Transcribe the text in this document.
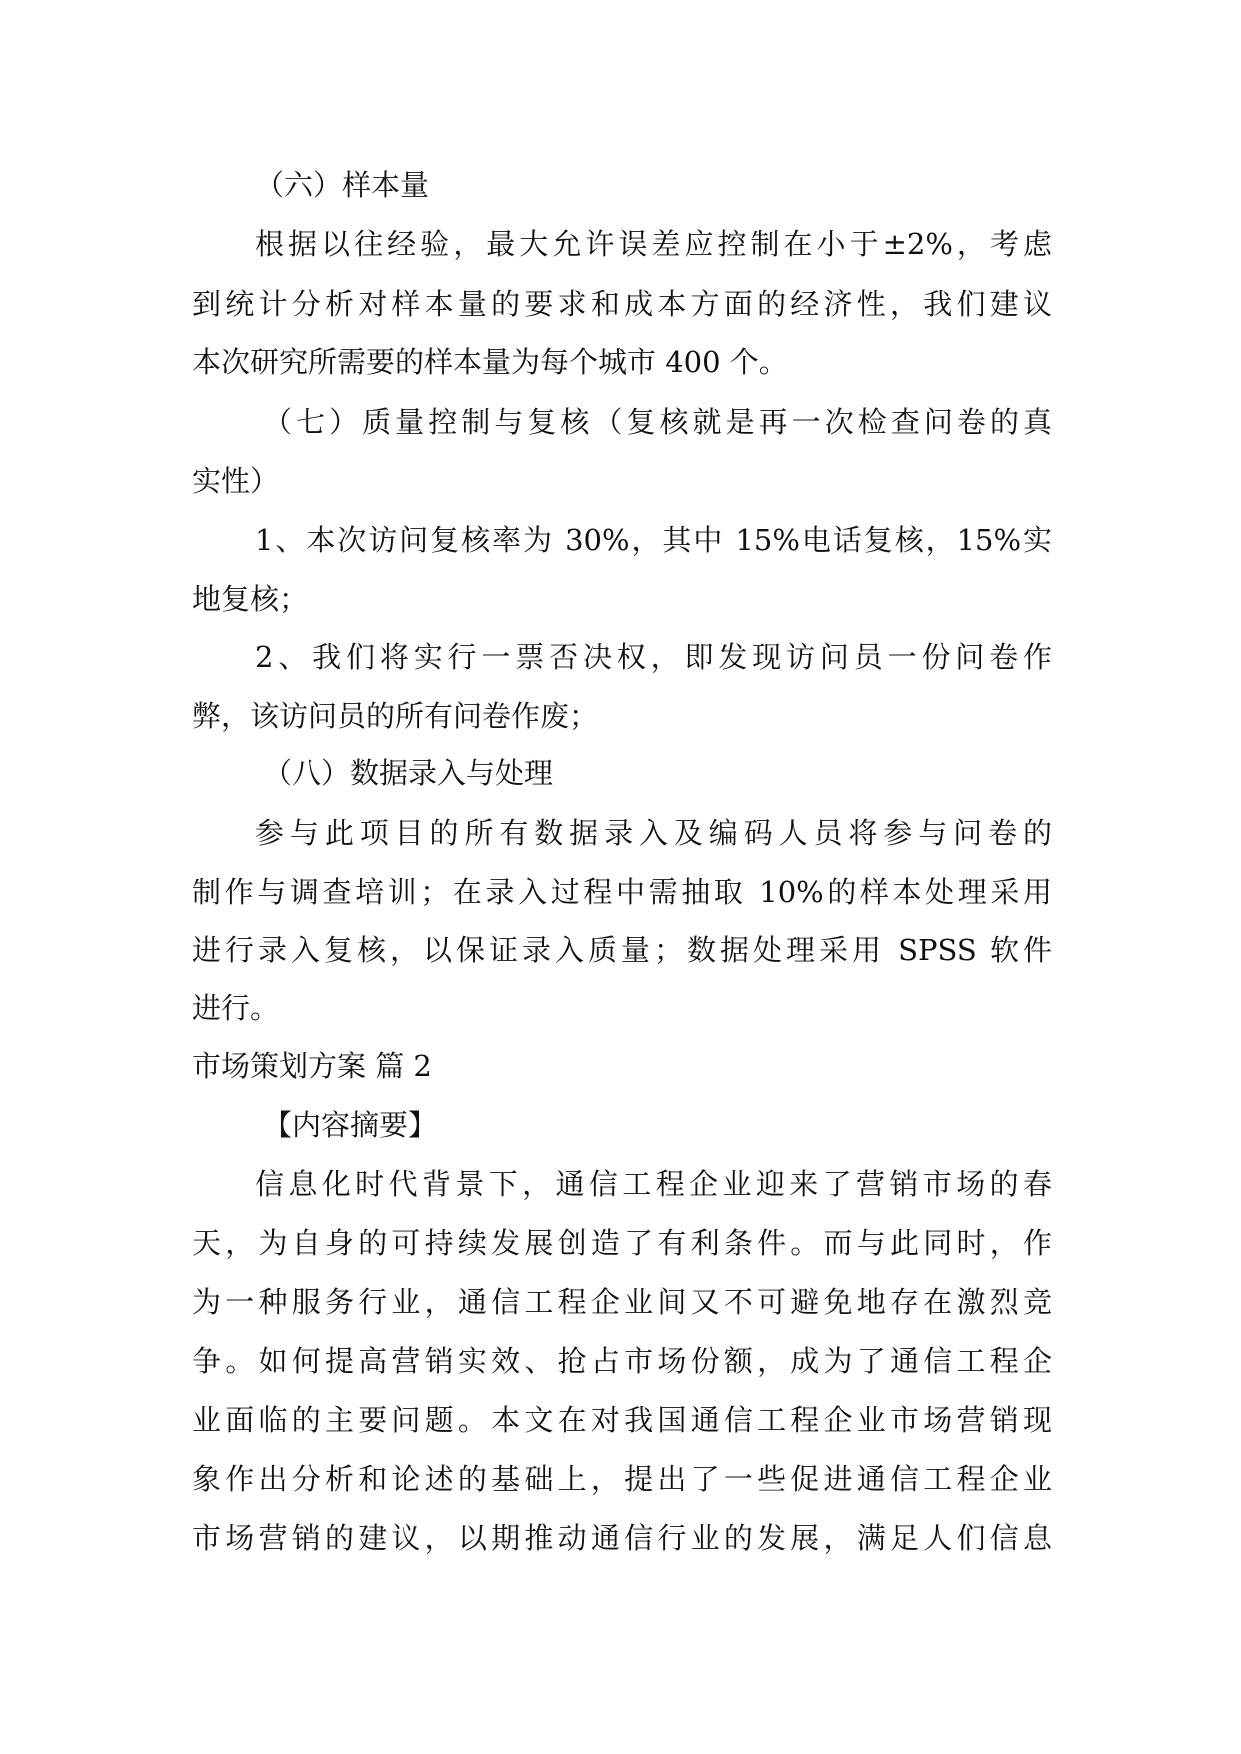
（六）样本量
根据以往经验，最大允许误差应控制在小于±2%，考虑
到统计分析对样本量的要求和成本方面的经济性，我们建议
本次研究所需要的样本量为每个城市 400 个。
（七）质量控制与复核（复核就是再一次检查问卷的真
实性）
1、本次访问复核率为 30%，其中 15%电话复核，15%实
地复核；
2、我们将实行一票否决权，即发现访问员一份问卷作
弊，该访问员的所有问卷作废；
（八）数据录入与处理
参与此项目的所有数据录入及编码人员将参与问卷的
制作与调查培训；在录入过程中需抽取 10%的样本处理采用
进行录入复核，以保证录入质量；数据处理采用 SPSS 软件
进行。
市场策划方案 篇 2
【内容摘要】
信息化时代背景下，通信工程企业迎来了营销市场的春
天，为自身的可持续发展创造了有利条件。而与此同时，作
为一种服务行业，通信工程企业间又不可避免地存在激烈竞
争。如何提高营销实效、抢占市场份额，成为了通信工程企
业面临的主要问题。本文在对我国通信工程企业市场营销现
象作出分析和论述的基础上，提出了一些促进通信工程企业
市场营销的建议，以期推动通信行业的发展，满足人们信息
